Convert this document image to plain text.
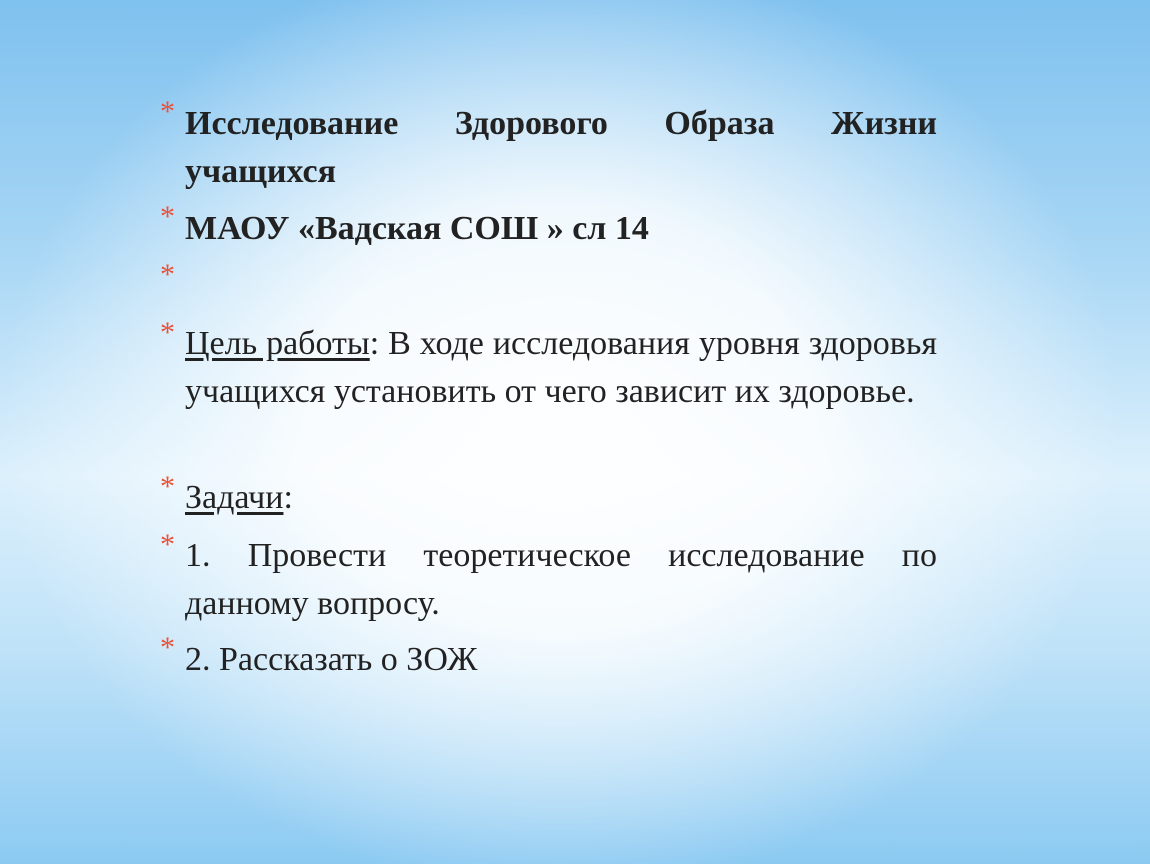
* Исследование Здорового Образа Жизни учащихся
* МАОУ «Вадская СОШ » сл 14
*
* Цель работы: В ходе исследования уровня здоровья учащихся установить от чего зависит их здоровье.
* Задачи:
* 1. Провести теоретическое исследование по данному вопросу.
* 2. Рассказать о ЗОЖ
